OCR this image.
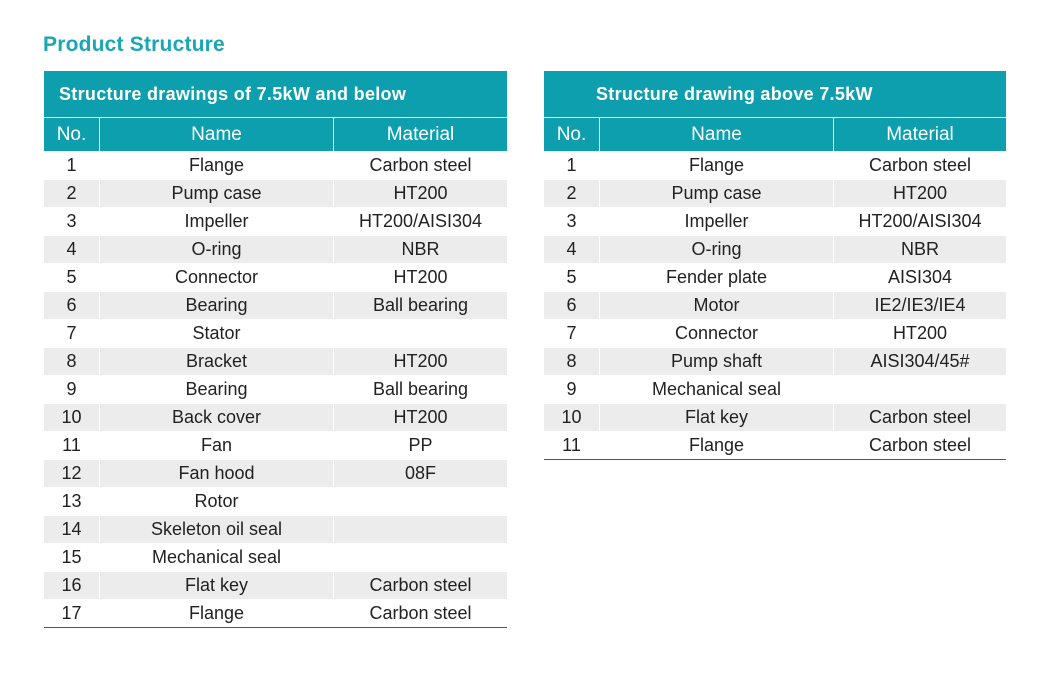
Product Structure
Structure drawings of 7.5kW and below
No.	Name	Material
1	Flange	Carbon steel
2	Pump case	HT200
3	Impeller	HT200/AISI304
4	O-ring	NBR
5	Connector	HT200
6	Bearing	Ball bearing
7	Stator	
8	Bracket	HT200
9	Bearing	Ball bearing
10	Back cover	HT200
11	Fan	PP
12	Fan hood	08F
13	Rotor	
14	Skeleton oil seal	
15	Mechanical seal	
16	Flat key	Carbon steel
17	Flange	Carbon steel
Structure drawing above 7.5kW
No.	Name	Material
1	Flange	Carbon steel
2	Pump case	HT200
3	Impeller	HT200/AISI304
4	O-ring	NBR
5	Fender plate	AISI304
6	Motor	IE2/IE3/IE4
7	Connector	HT200
8	Pump shaft	AISI304/45#
9	Mechanical seal	
10	Flat key	Carbon steel
11	Flange	Carbon steel
